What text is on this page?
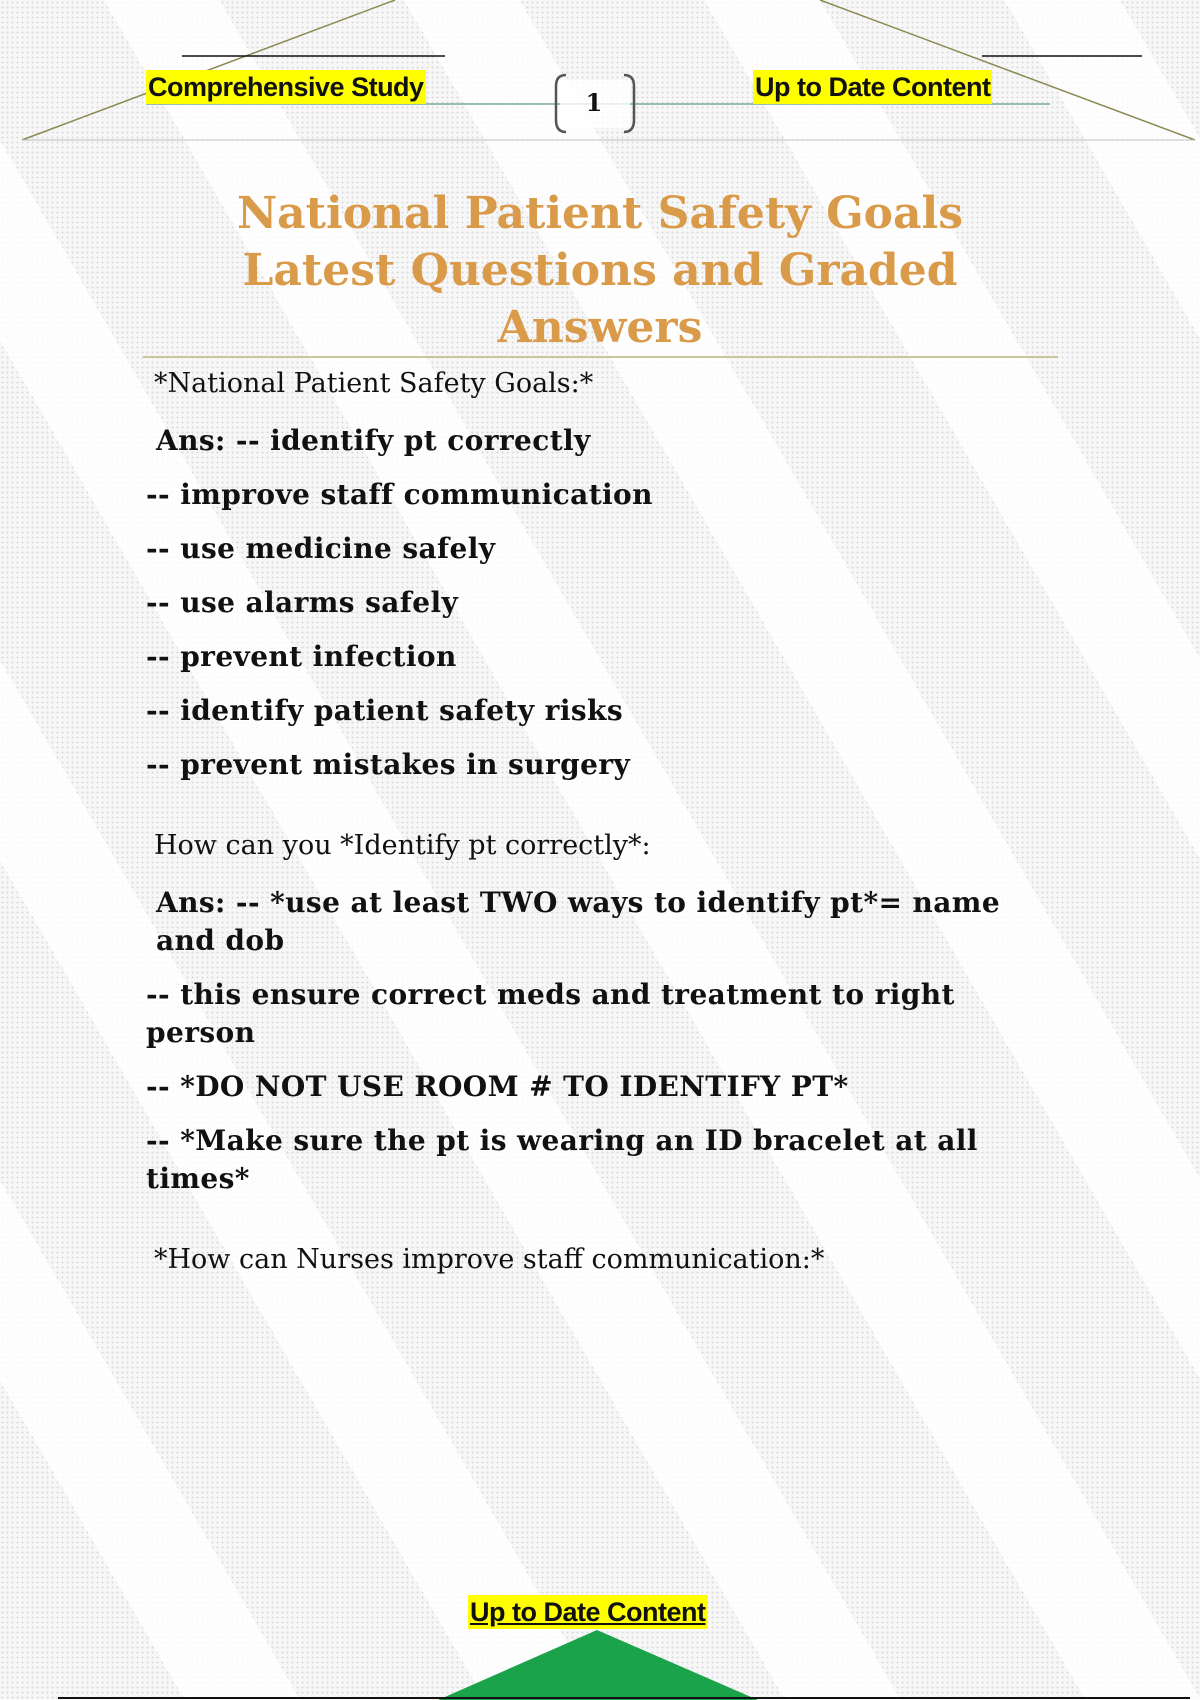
Comprehensive Study
1
Up to Date Content
National Patient Safety Goals
Latest Questions and Graded
Answers

*National Patient Safety Goals:*

Ans: -- identify pt correctly

-- improve staff communication

-- use medicine safely

-- use alarms safely

-- prevent infection

-- identify patient safety risks

-- prevent mistakes in surgery

How can you *Identify pt correctly*:

Ans: -- *use at least TWO ways to identify pt*= name and dob

-- this ensure correct meds and treatment to right person

-- *DO NOT USE ROOM # TO IDENTIFY PT*

-- *Make sure the pt is wearing an ID bracelet at all times*

*How can Nurses improve staff communication:*

Up to Date Content
